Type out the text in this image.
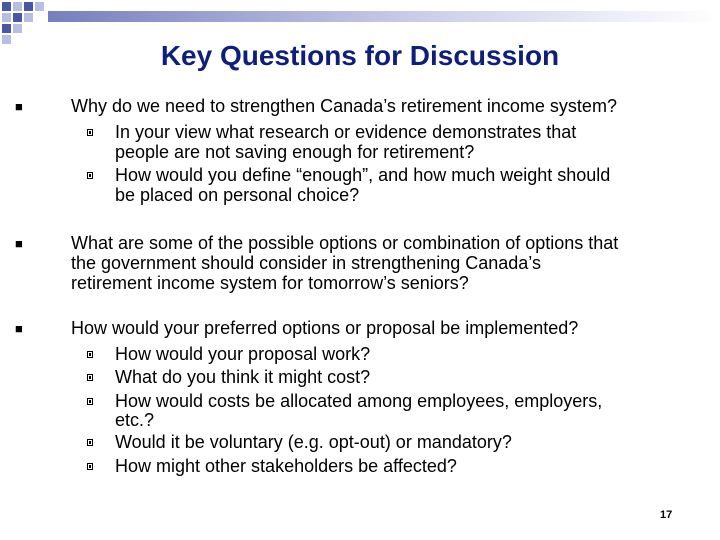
Key Questions for Discussion
■	Why do we need to strengthen Canada’s retirement income system?
In your view what research or evidence demonstrates that
people are not saving enough for retirement?
How would you define “enough”, and how much weight should
be placed on personal choice?
■	What are some of the possible options or combination of options that
the government should consider in strengthening Canada’s
retirement income system for tomorrow’s seniors?
■	How would your preferred options or proposal be implemented?
How would your proposal work?
What do you think it might cost?
How would costs be allocated among employees, employers,
etc.?
Would it be voluntary (e.g. opt-out) or mandatory?
How might other stakeholders be affected?
17
